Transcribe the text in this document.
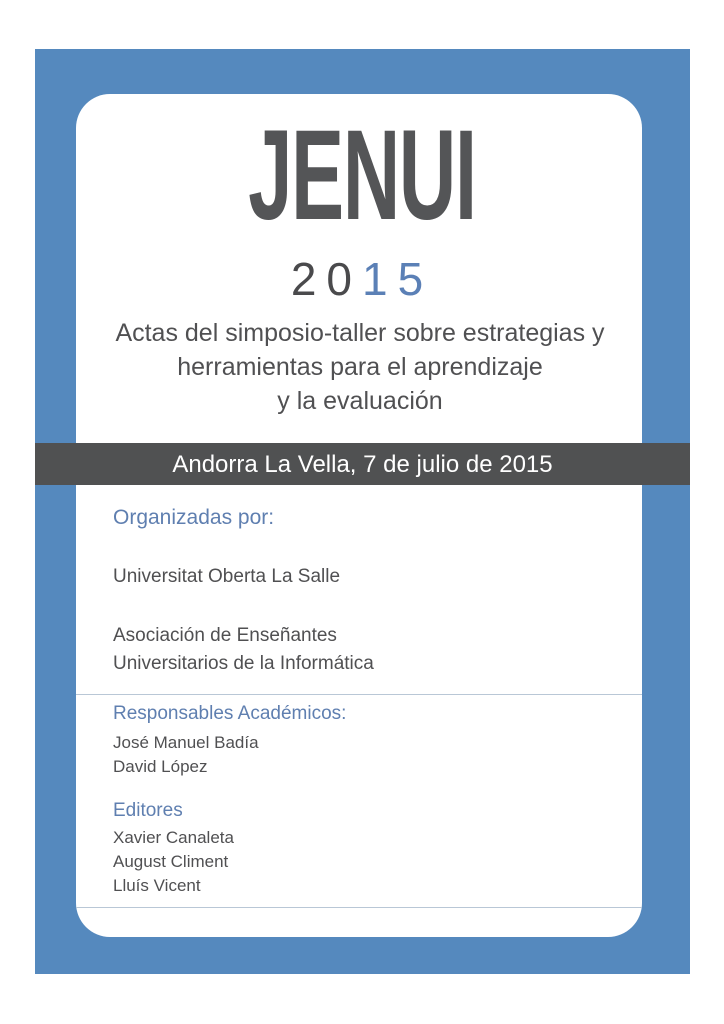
JENUI
2015
Actas del simposio-taller sobre estrategias y
herramientas para el aprendizaje
y la evaluación
Andorra La Vella, 7 de julio de 2015
Organizadas por:
Universitat Oberta La Salle
Asociación de Enseñantes
Universitarios de la Informática
Responsables Académicos:
José Manuel Badía
David López
Editores
Xavier Canaleta
August Climent
Lluís Vicent
